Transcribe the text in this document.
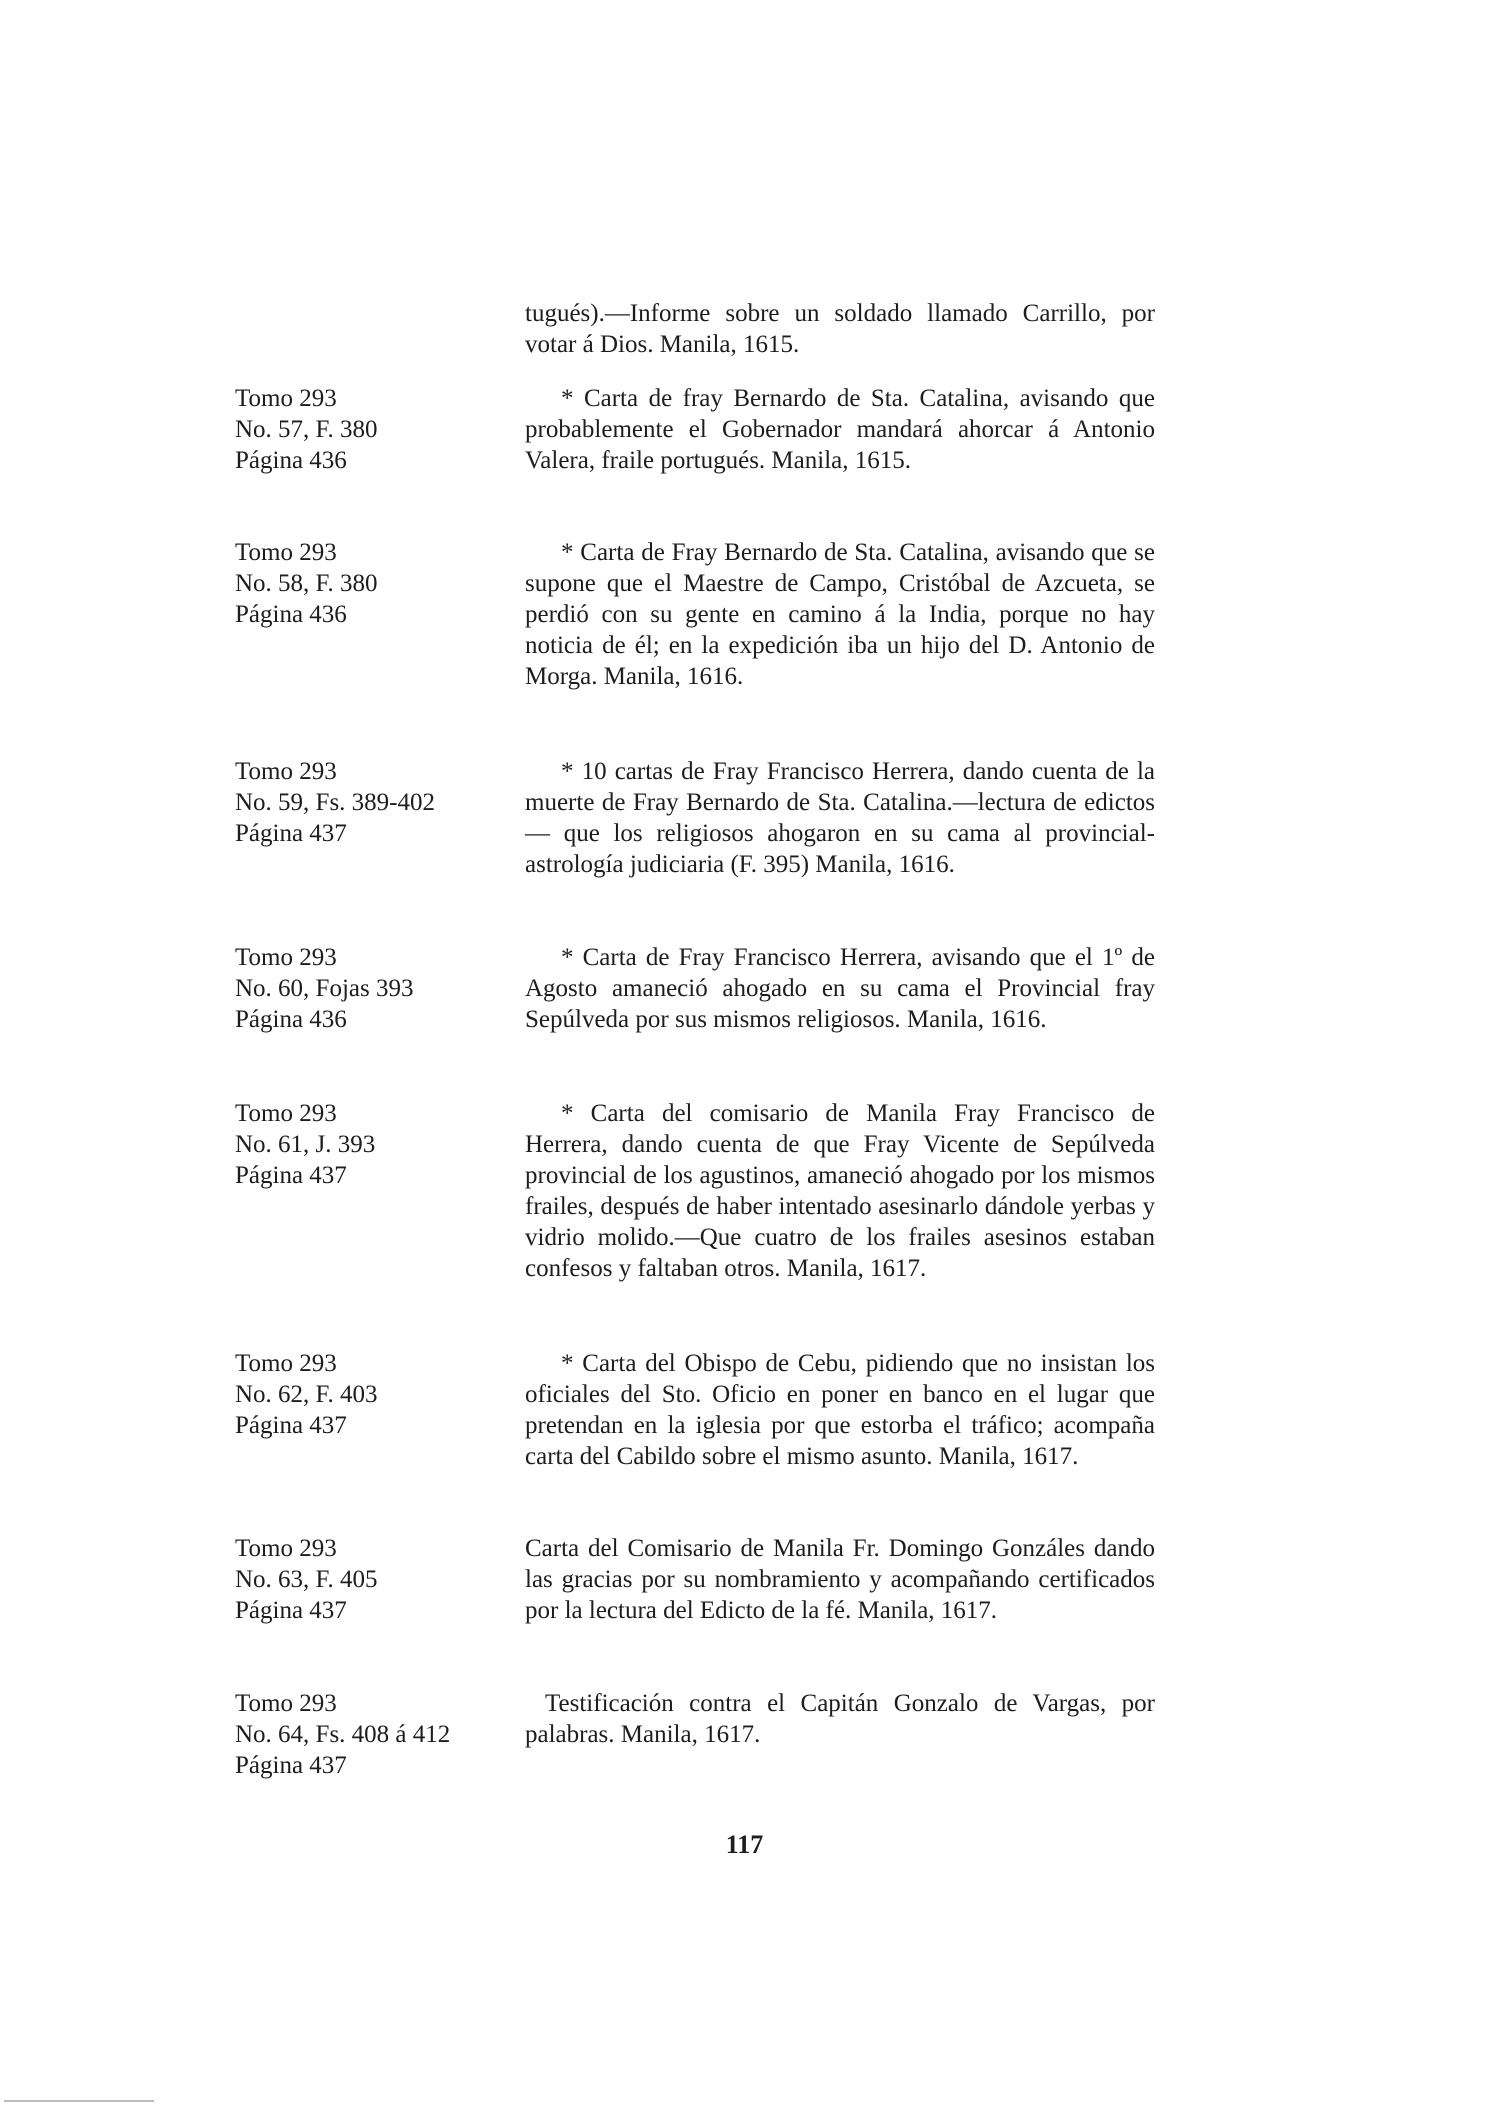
tugués).—Informe sobre un soldado llamado Carrillo, por votar á Dios. Manila, 1615.

Tomo 293
No. 57, F. 380
Página 436

* Carta de fray Bernardo de Sta. Catalina, avisando que probablemente el Gobernador mandará ahorcar á Antonio Valera, fraile portugués. Manila, 1615.

Tomo 293
No. 58, F. 380
Página 436

* Carta de Fray Bernardo de Sta. Catalina, avisando que se supone que el Maestre de Campo, Cristóbal de Azcueta, se perdió con su gente en camino á la India, porque no hay noticia de él; en la expedición iba un hijo del D. Antonio de Morga. Manila, 1616.

Tomo 293
No. 59, Fs. 389-402
Página 437

* 10 cartas de Fray Francisco Herrera, dando cuenta de la muerte de Fray Bernardo de Sta. Catalina.—lectura de edictos — que los religiosos ahogaron en su cama al provincial-astrología judiciaria (F. 395) Manila, 1616.

Tomo 293
No. 60, Fojas 393
Página 436

* Carta de Fray Francisco Herrera, avisando que el 1º de Agosto amaneció ahogado en su cama el Provincial fray Sepúlveda por sus mismos religiosos. Manila, 1616.

Tomo 293
No. 61, J. 393
Página 437

* Carta del comisario de Manila Fray Francisco de Herrera, dando cuenta de que Fray Vicente de Sepúlveda provincial de los agustinos, amaneció ahogado por los mismos frailes, después de haber intentado asesinarlo dándole yerbas y vidrio molido.—Que cuatro de los frailes asesinos estaban confesos y faltaban otros. Manila, 1617.

Tomo 293
No. 62, F. 403
Página 437

* Carta del Obispo de Cebu, pidiendo que no insistan los oficiales del Sto. Oficio en poner en banco en el lugar que pretendan en la iglesia por que estorba el tráfico; acompaña carta del Cabildo sobre el mismo asunto. Manila, 1617.

Tomo 293
No. 63, F. 405
Página 437

Carta del Comisario de Manila Fr. Domingo Gonzáles dando las gracias por su nombramiento y acompañando certificados por la lectura del Edicto de la fé. Manila, 1617.

Tomo 293
No. 64, Fs. 408 á 412
Página 437

Testificación contra el Capitán Gonzalo de Vargas, por palabras. Manila, 1617.

117
